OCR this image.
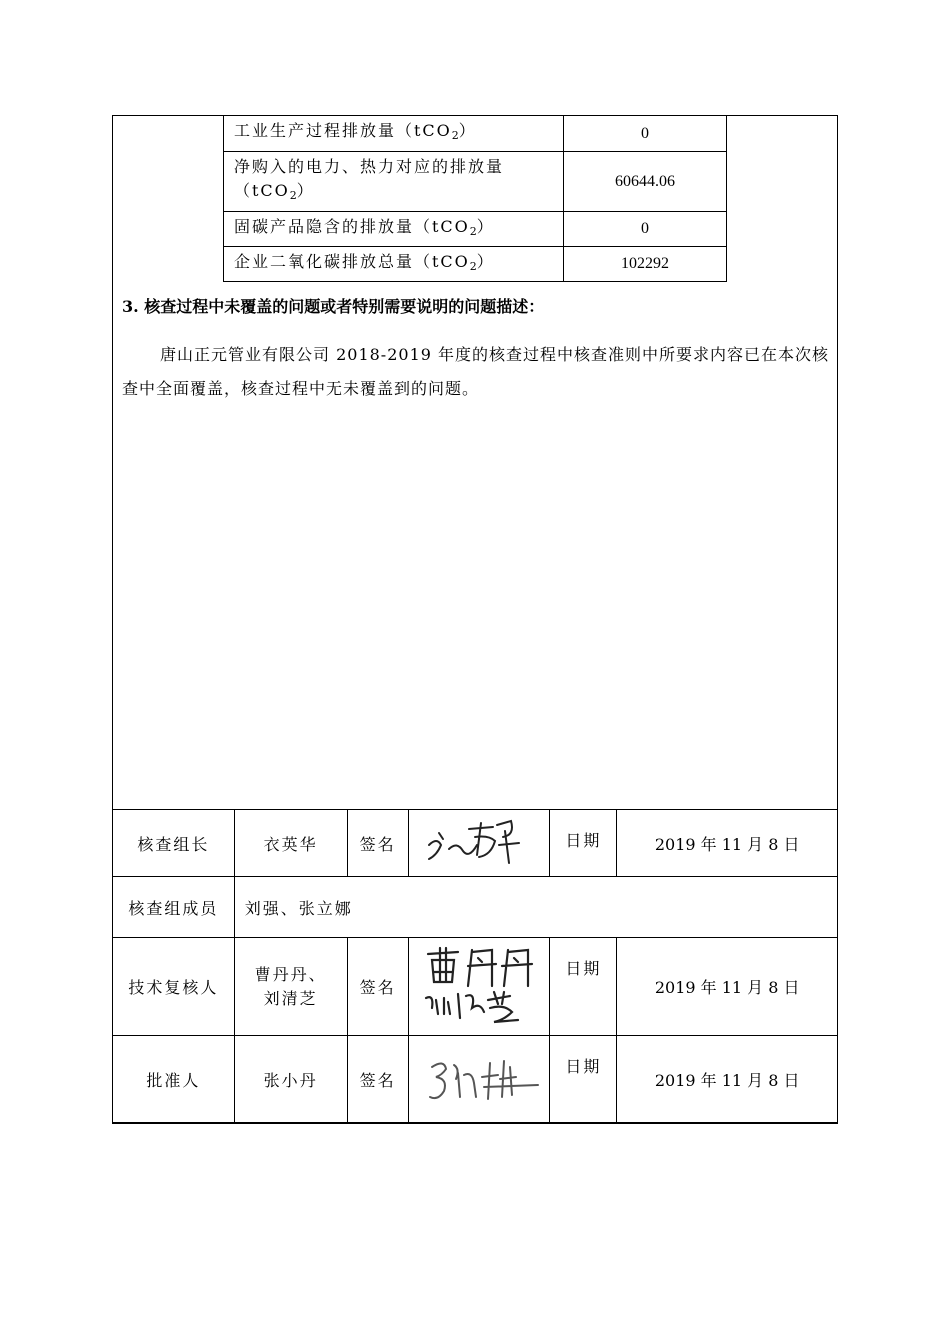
工业生产过程排放量（tCO$_2$）	0
净购入的电力、热力对应的排放量（tCO$_2$）	60644.06
固碳产品隐含的排放量（tCO$_2$）	0
企业二氧化碳排放总量（tCO$_2$）	102292
3. 核查过程中未覆盖的问题或者特别需要说明的问题描述：
唐山正元管业有限公司 2018-2019 年度的核查过程中核查准则中所要求内容已在本次核查中全面覆盖，核查过程中无未覆盖到的问题。
核查组长	衣英华	签名		日期	2019 年 11 月 8 日
核查组成员	刘强、张立娜				
技术复核人	曹丹丹、刘清芝	签名		日期	2019 年 11 月 8 日
批准人	张小丹	签名		日期	2019 年 11 月 8 日
